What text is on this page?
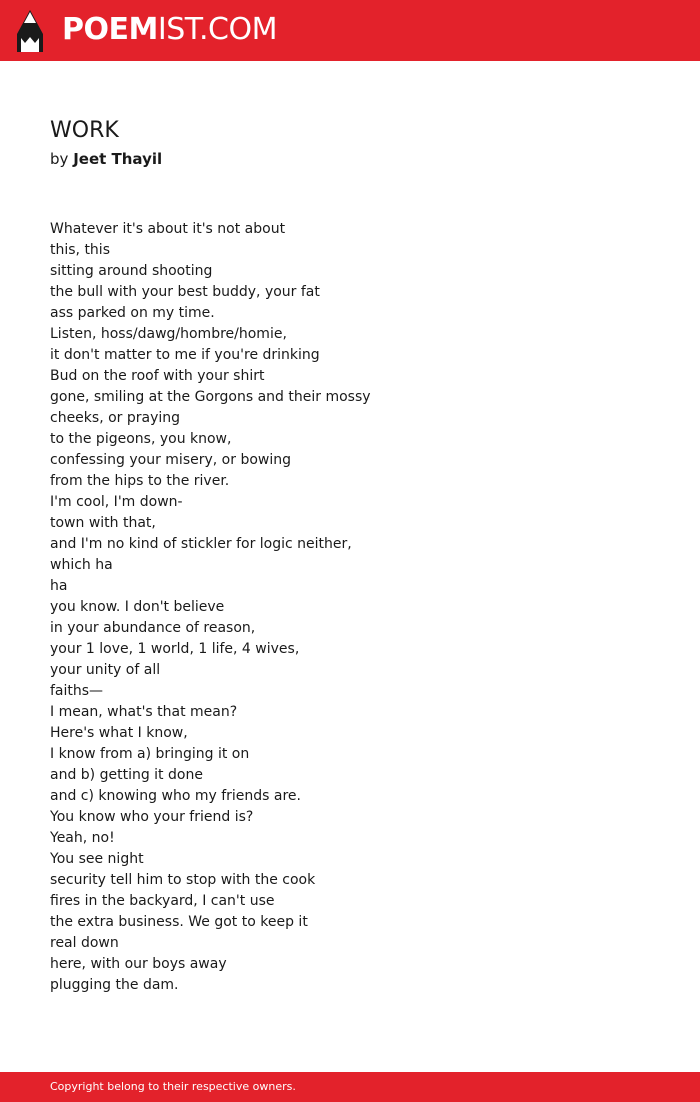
POEMIST.COM
WORK
by Jeet Thayil
Whatever it's about it's not about
this, this
sitting around shooting
the bull with your best buddy, your fat
ass parked on my time.
Listen, hoss/dawg/hombre/homie,
it don't matter to me if you're drinking
Bud on the roof with your shirt
gone, smiling at the Gorgons and their mossy
cheeks, or praying
to the pigeons, you know,
confessing your misery, or bowing
from the hips to the river.
I'm cool, I'm down-
town with that,
and I'm no kind of stickler for logic neither,
which ha
ha
you know. I don't believe
in your abundance of reason,
your 1 love, 1 world, 1 life, 4 wives,
your unity of all
faiths—
I mean, what's that mean?
Here's what I know,
I know from a) bringing it on
and b) getting it done
and c) knowing who my friends are.
You know who your friend is?
Yeah, no!
You see night
security tell him to stop with the cook
fires in the backyard, I can't use
the extra business. We got to keep it
real down
here, with our boys away
plugging the dam.
Copyright belong to their respective owners.
